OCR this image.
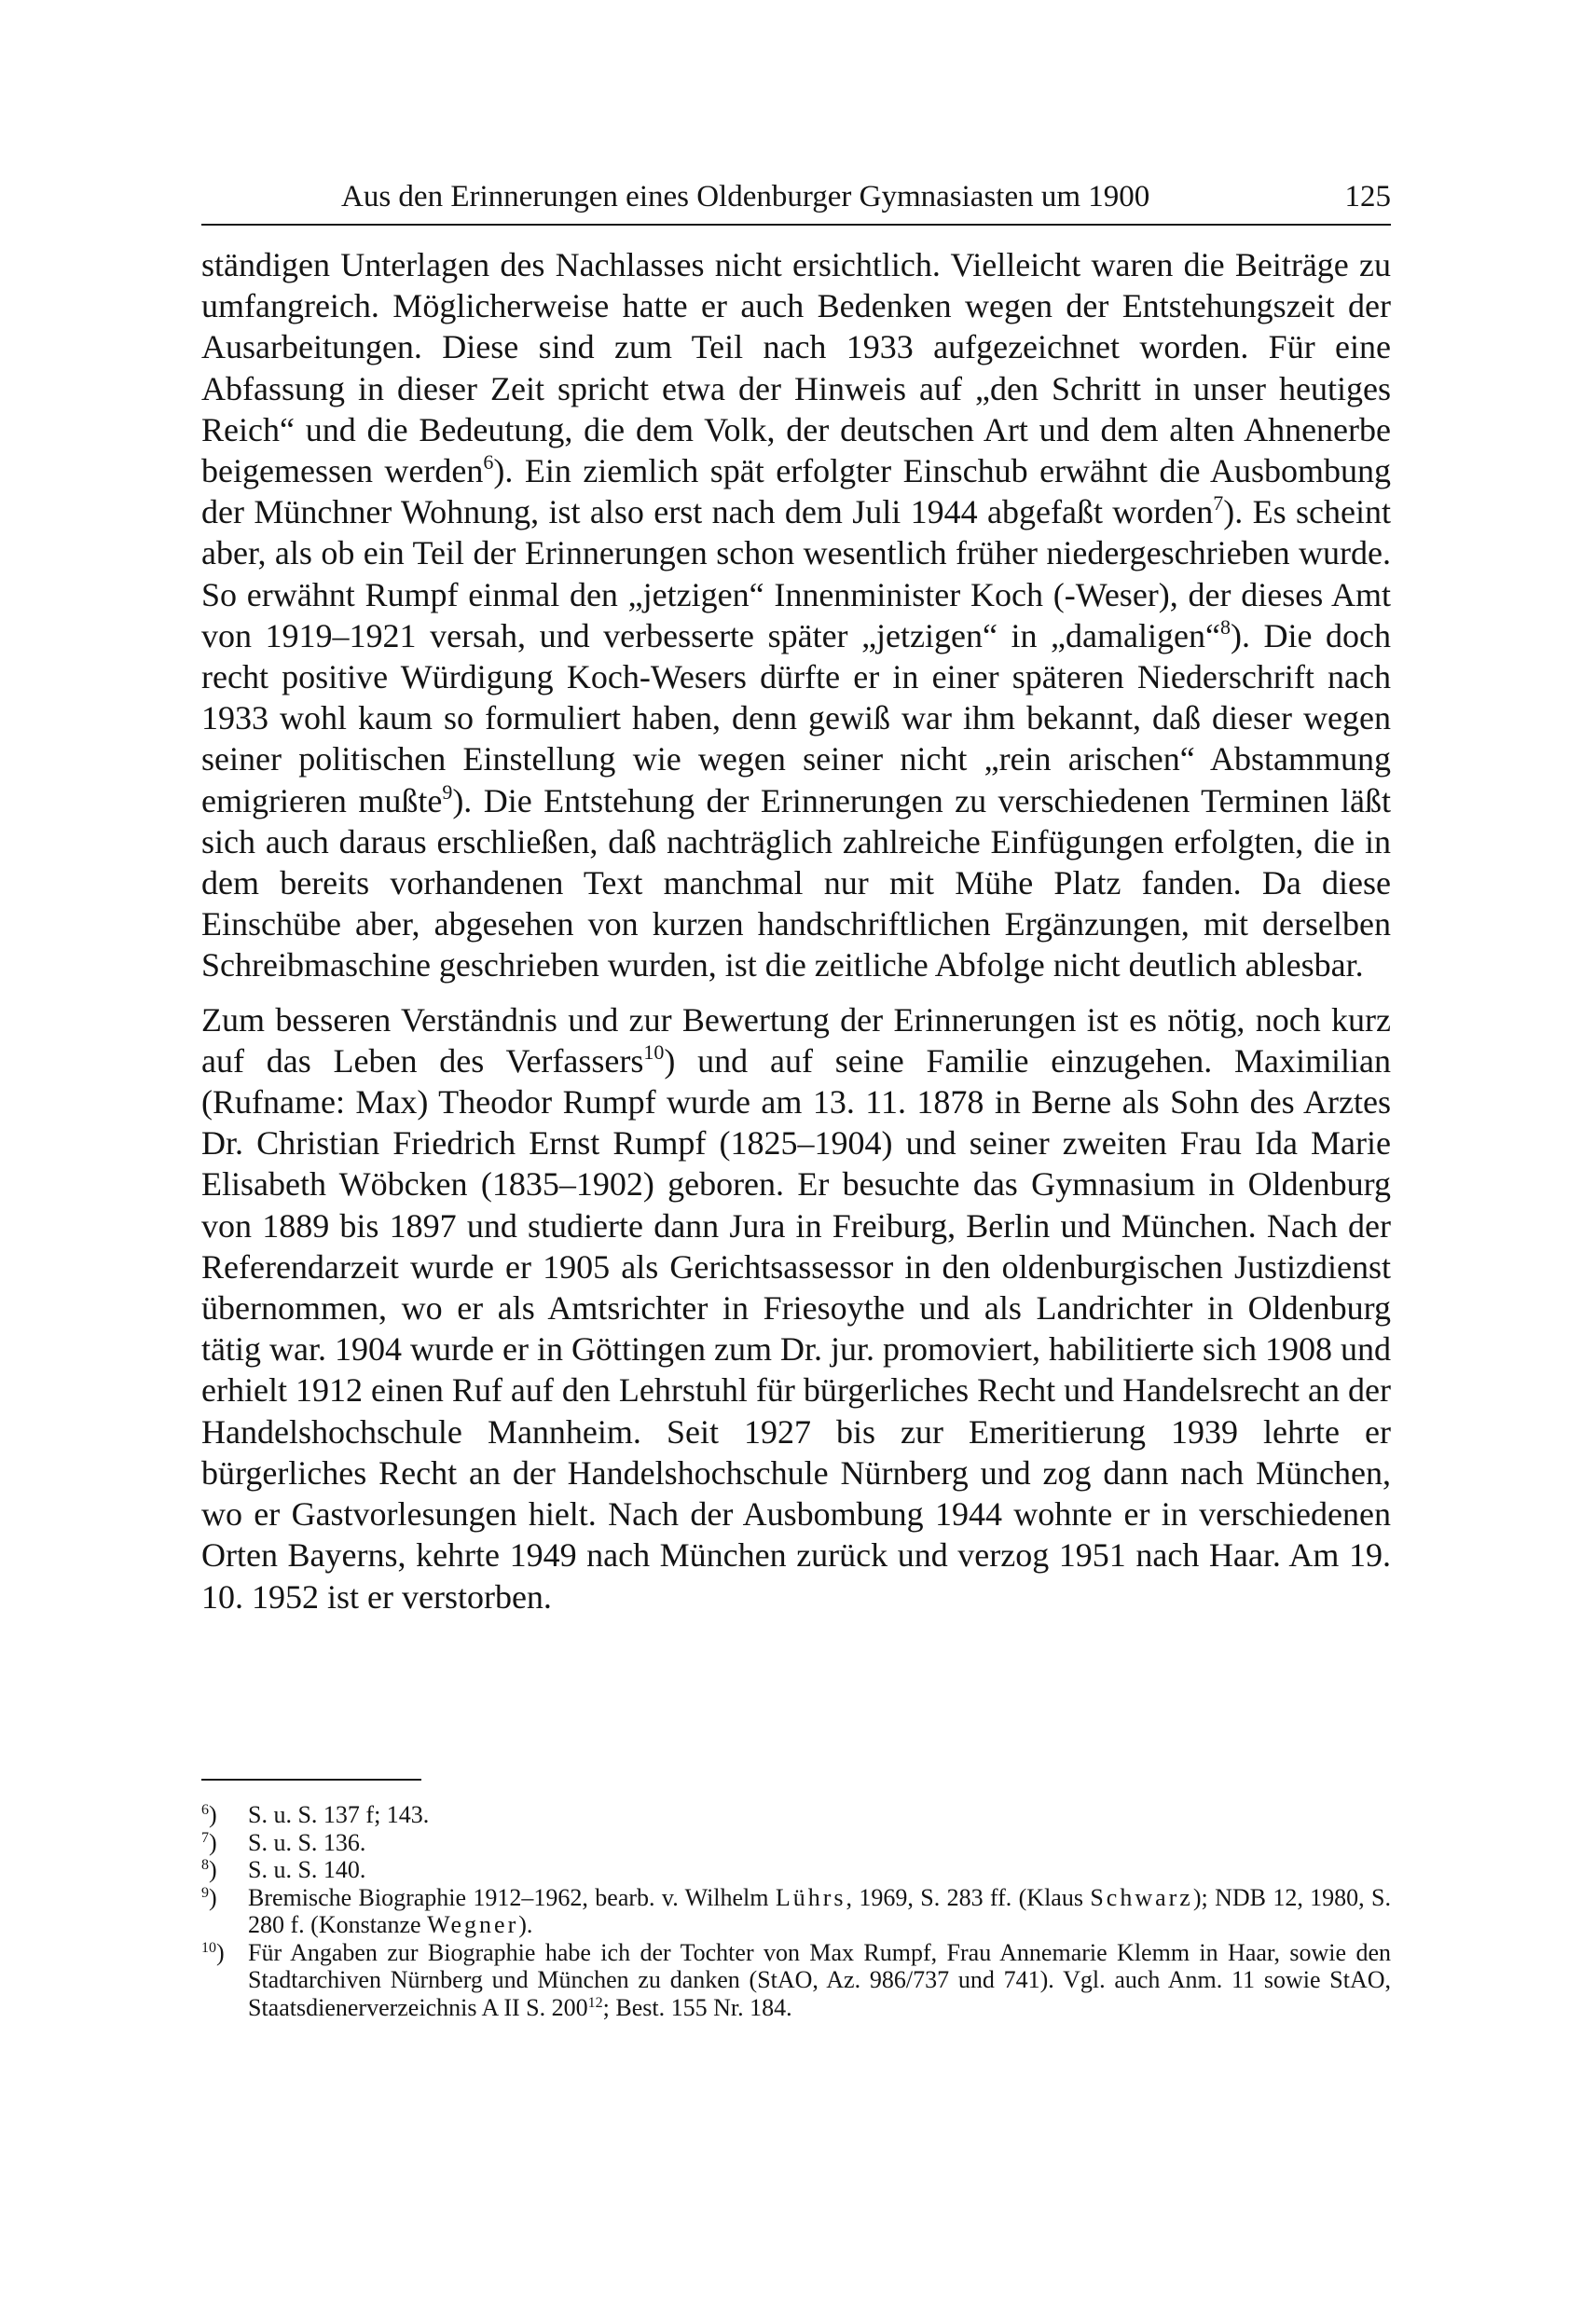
Aus den Erinnerungen eines Oldenburger Gymnasiasten um 1900	125

ständigen Unterlagen des Nachlasses nicht ersichtlich. Vielleicht waren die Beiträge zu umfangreich. Möglicherweise hatte er auch Bedenken wegen der Entstehungszeit der Ausarbeitungen. Diese sind zum Teil nach 1933 aufgezeichnet worden. Für eine Abfassung in dieser Zeit spricht etwa der Hinweis auf „den Schritt in unser heutiges Reich“ und die Bedeutung, die dem Volk, der deutschen Art und dem alten Ahnenerbe beigemessen werden$^6$). Ein ziemlich spät erfolgter Einschub erwähnt die Ausbombung der Münchner Wohnung, ist also erst nach dem Juli 1944 abgefaßt worden$^7$). Es scheint aber, als ob ein Teil der Erinnerungen schon wesentlich früher niedergeschrieben wurde. So erwähnt Rumpf einmal den „jetzigen“ Innenminister Koch (-Weser), der dieses Amt von 1919–1921 versah, und verbesserte später „jetzigen“ in „damaligen“$^8$). Die doch recht positive Würdigung Koch-Wesers dürfte er in einer späteren Niederschrift nach 1933 wohl kaum so formuliert haben, denn gewiß war ihm bekannt, daß dieser wegen seiner politischen Einstellung wie wegen seiner nicht „rein arischen“ Abstammung emigrieren mußte$^9$). Die Entstehung der Erinnerungen zu verschiedenen Terminen läßt sich auch daraus erschließen, daß nachträglich zahlreiche Einfügungen erfolgten, die in dem bereits vorhandenen Text manchmal nur mit Mühe Platz fanden. Da diese Einschübe aber, abgesehen von kurzen handschriftlichen Ergänzungen, mit derselben Schreibmaschine geschrieben wurden, ist die zeitliche Abfolge nicht deutlich ablesbar.

Zum besseren Verständnis und zur Bewertung der Erinnerungen ist es nötig, noch kurz auf das Leben des Verfassers$^{10}$) und auf seine Familie einzugehen. Maximilian (Rufname: Max) Theodor Rumpf wurde am 13. 11. 1878 in Berne als Sohn des Arztes Dr. Christian Friedrich Ernst Rumpf (1825–1904) und seiner zweiten Frau Ida Marie Elisabeth Wöbcken (1835–1902) geboren. Er besuchte das Gymnasium in Oldenburg von 1889 bis 1897 und studierte dann Jura in Freiburg, Berlin und München. Nach der Referendarzeit wurde er 1905 als Gerichtsassessor in den oldenburgischen Justizdienst übernommen, wo er als Amtsrichter in Friesoythe und als Landrichter in Oldenburg tätig war. 1904 wurde er in Göttingen zum Dr. jur. promoviert, habilitierte sich 1908 und erhielt 1912 einen Ruf auf den Lehrstuhl für bürgerliches Recht und Handelsrecht an der Handelshochschule Mannheim. Seit 1927 bis zur Emeritierung 1939 lehrte er bürgerliches Recht an der Handelshochschule Nürnberg und zog dann nach München, wo er Gastvorlesungen hielt. Nach der Ausbombung 1944 wohnte er in verschiedenen Orten Bayerns, kehrte 1949 nach München zurück und verzog 1951 nach Haar. Am 19. 10. 1952 ist er verstorben.

$^6$) S. u. S. 137 f; 143.
$^7$) S. u. S. 136.
$^8$) S. u. S. 140.
$^9$) Bremische Biographie 1912–1962, bearb. v. Wilhelm Lührs, 1969, S. 283 ff. (Klaus Schwarz); NDB 12, 1980, S. 280 f. (Konstanze Wegner).
$^{10}$) Für Angaben zur Biographie habe ich der Tochter von Max Rumpf, Frau Annemarie Klemm in Haar, sowie den Stadtarchiven Nürnberg und München zu danken (StAO, Az. 986/737 und 741). Vgl. auch Anm. 11 sowie StAO, Staatsdienerverzeichnis A II S. $200^{12}$; Best. 155 Nr. 184.
